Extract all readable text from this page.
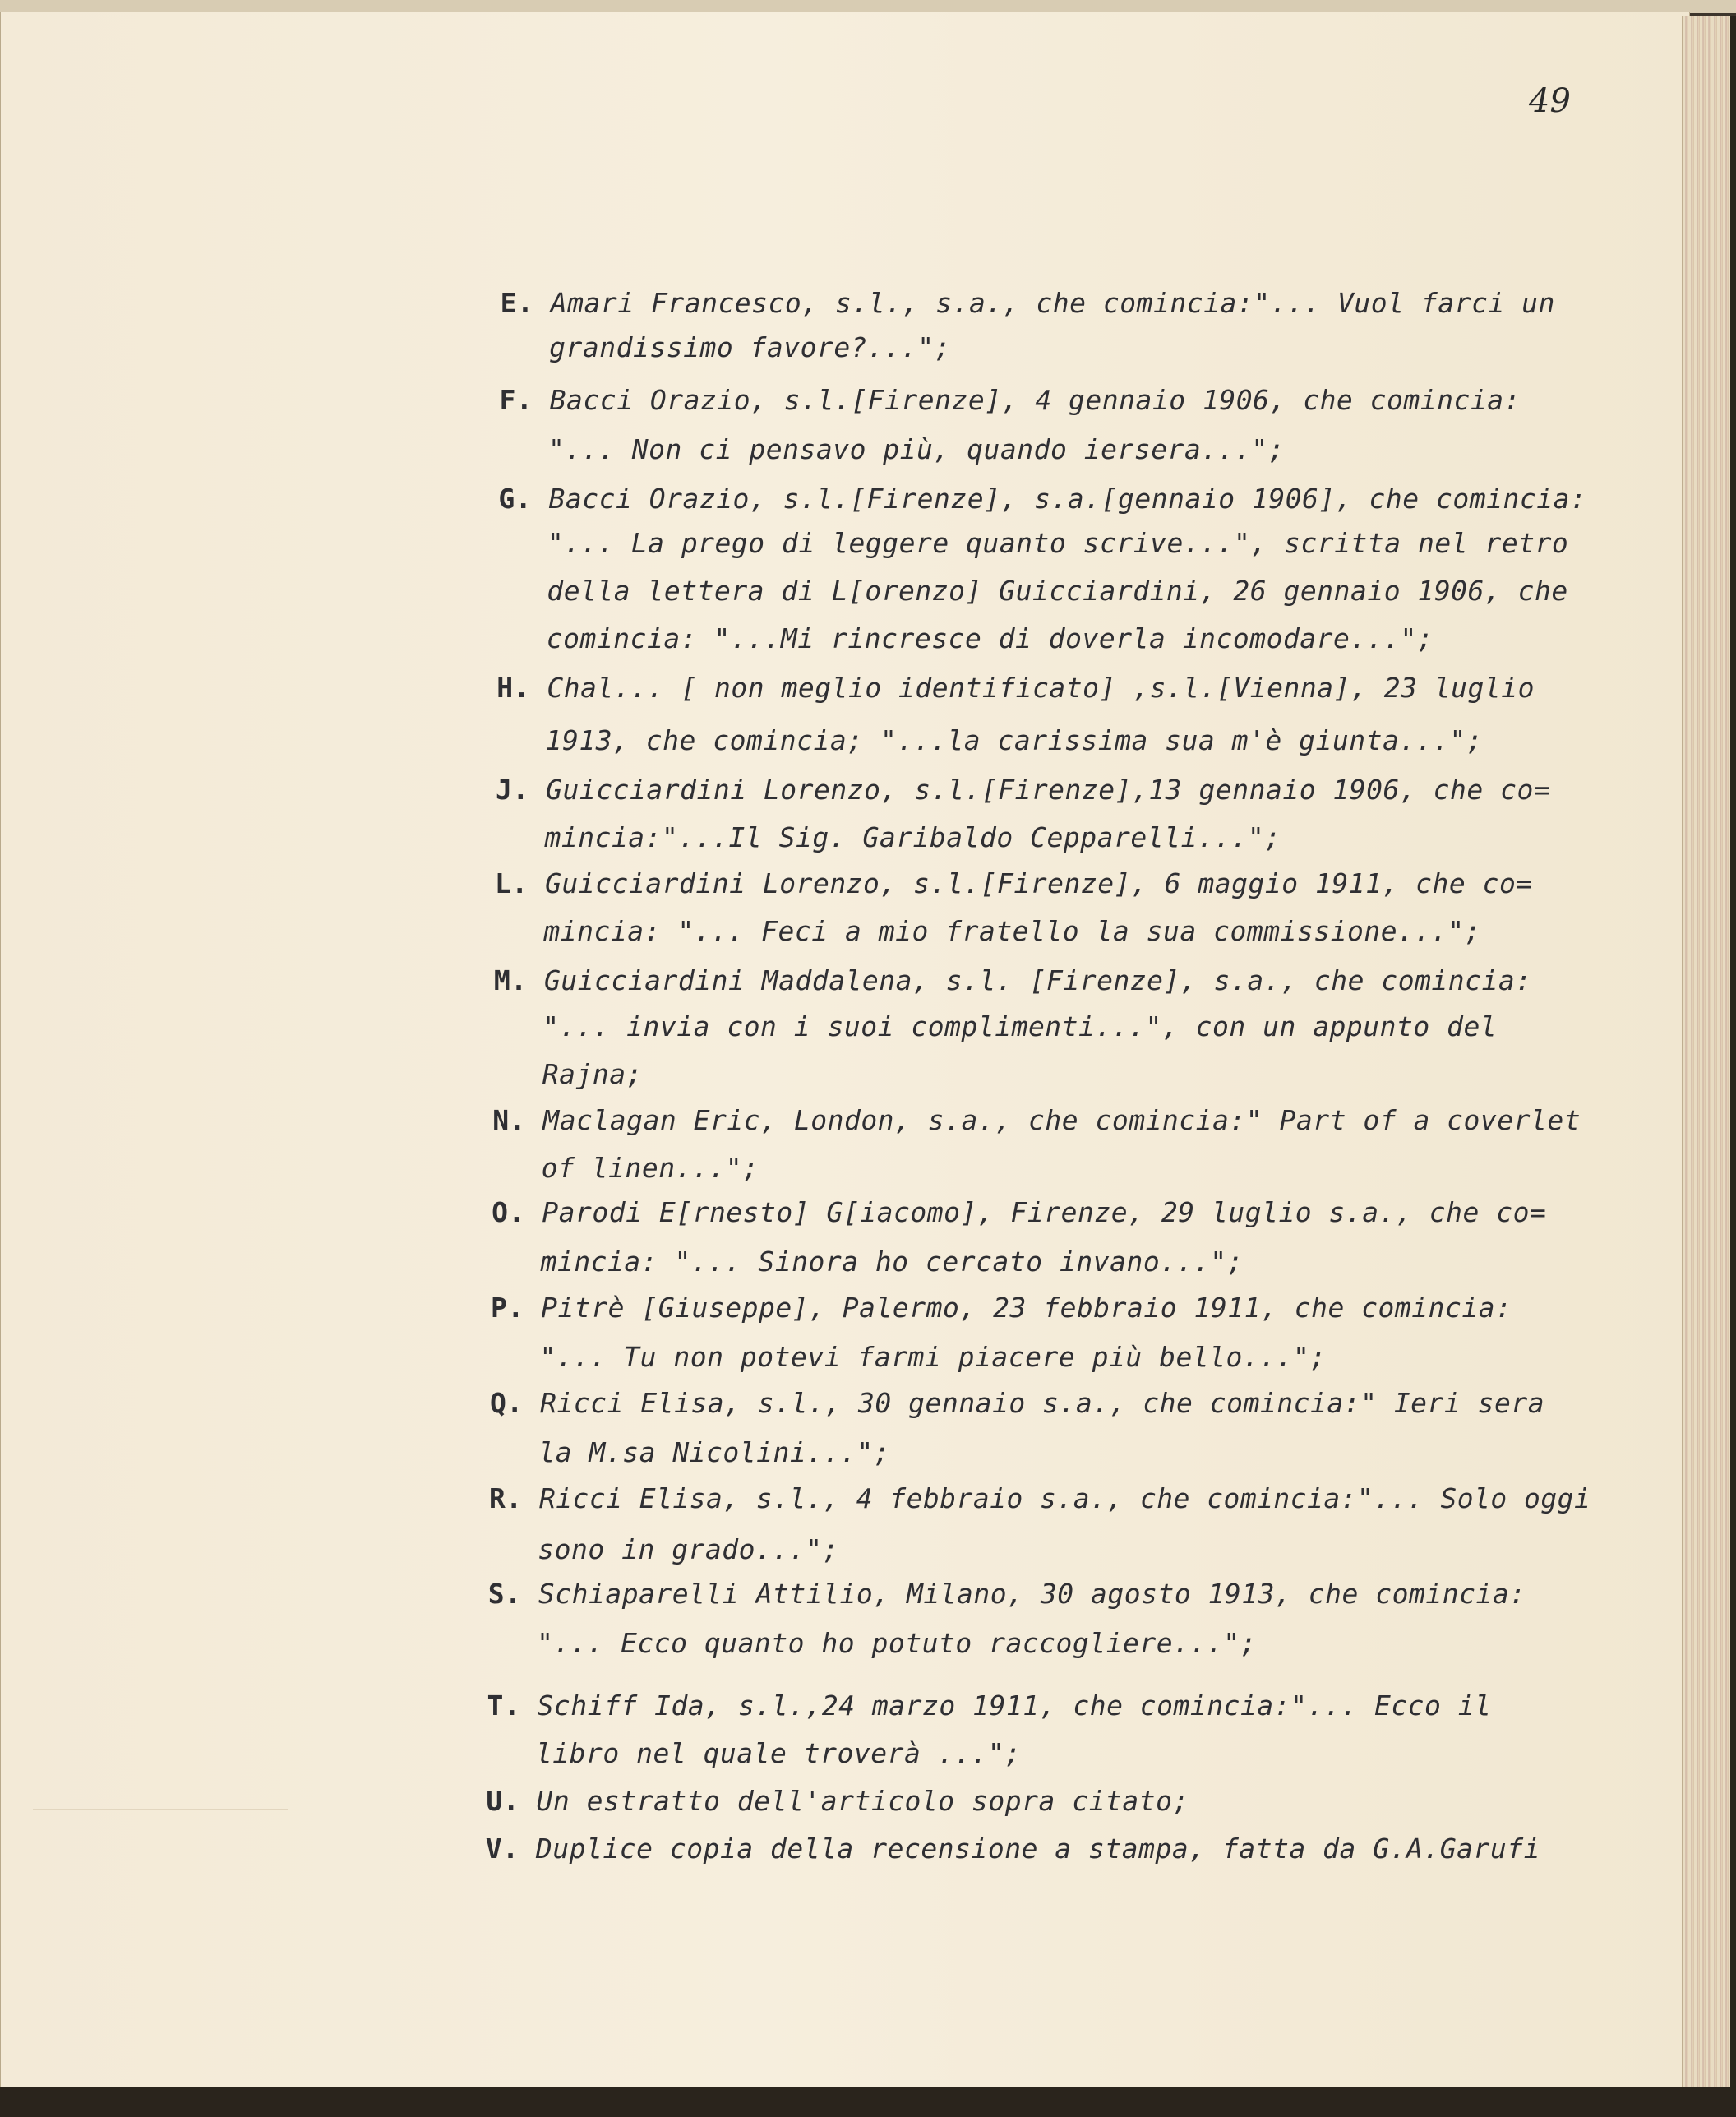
49
E. Amari Francesco, s.l., s.a., che comincia:"... Vuol farci un
grandissimo favore?...";
F. Bacci Orazio, s.l.[Firenze], 4 gennaio 1906, che comincia:
"... Non ci pensavo più, quando iersera...";
G. Bacci Orazio, s.l.[Firenze], s.a.[gennaio 1906], che comincia:
"... La prego di leggere quanto scrive...", scritta nel retro
della lettera di L[orenzo] Guicciardini, 26 gennaio 1906, che
comincia: "...Mi rincresce di doverla incomodare...";
H. Chal... [ non meglio identificato] ,s.l.[Vienna], 23 luglio
1913, che comincia; "...la carissima sua m'è giunta...";
J. Guicciardini Lorenzo, s.l.[Firenze],13 gennaio 1906, che co=
mincia:"...Il Sig. Garibaldo Cepparelli...";
L. Guicciardini Lorenzo, s.l.[Firenze], 6 maggio 1911, che co=
mincia: "... Feci a mio fratello la sua commissione...";
M. Guicciardini Maddalena, s.l. [Firenze], s.a., che comincia:
"... invia con i suoi complimenti...", con un appunto del
Rajna;
N. Maclagan Eric, London, s.a., che comincia:" Part of a coverlet
of linen...";
O. Parodi E[rnesto] G[iacomo], Firenze, 29 luglio s.a., che co=
mincia: "... Sinora ho cercato invano...";
P. Pitrè [Giuseppe], Palermo, 23 febbraio 1911, che comincia:
"... Tu non potevi farmi piacere più bello...";
Q. Ricci Elisa, s.l., 30 gennaio s.a., che comincia:" Ieri sera
la M.sa Nicolini...";
R. Ricci Elisa, s.l., 4 febbraio s.a., che comincia:"... Solo oggi
sono in grado...";
S. Schiaparelli Attilio, Milano, 30 agosto 1913, che comincia:
"... Ecco quanto ho potuto raccogliere...";
T. Schiff Ida, s.l.,24 marzo 1911, che comincia:"... Ecco il
libro nel quale troverà ...";
U. Un estratto dell'articolo sopra citato;
V. Duplice copia della recensione a stampa, fatta da G.A.Garufi
